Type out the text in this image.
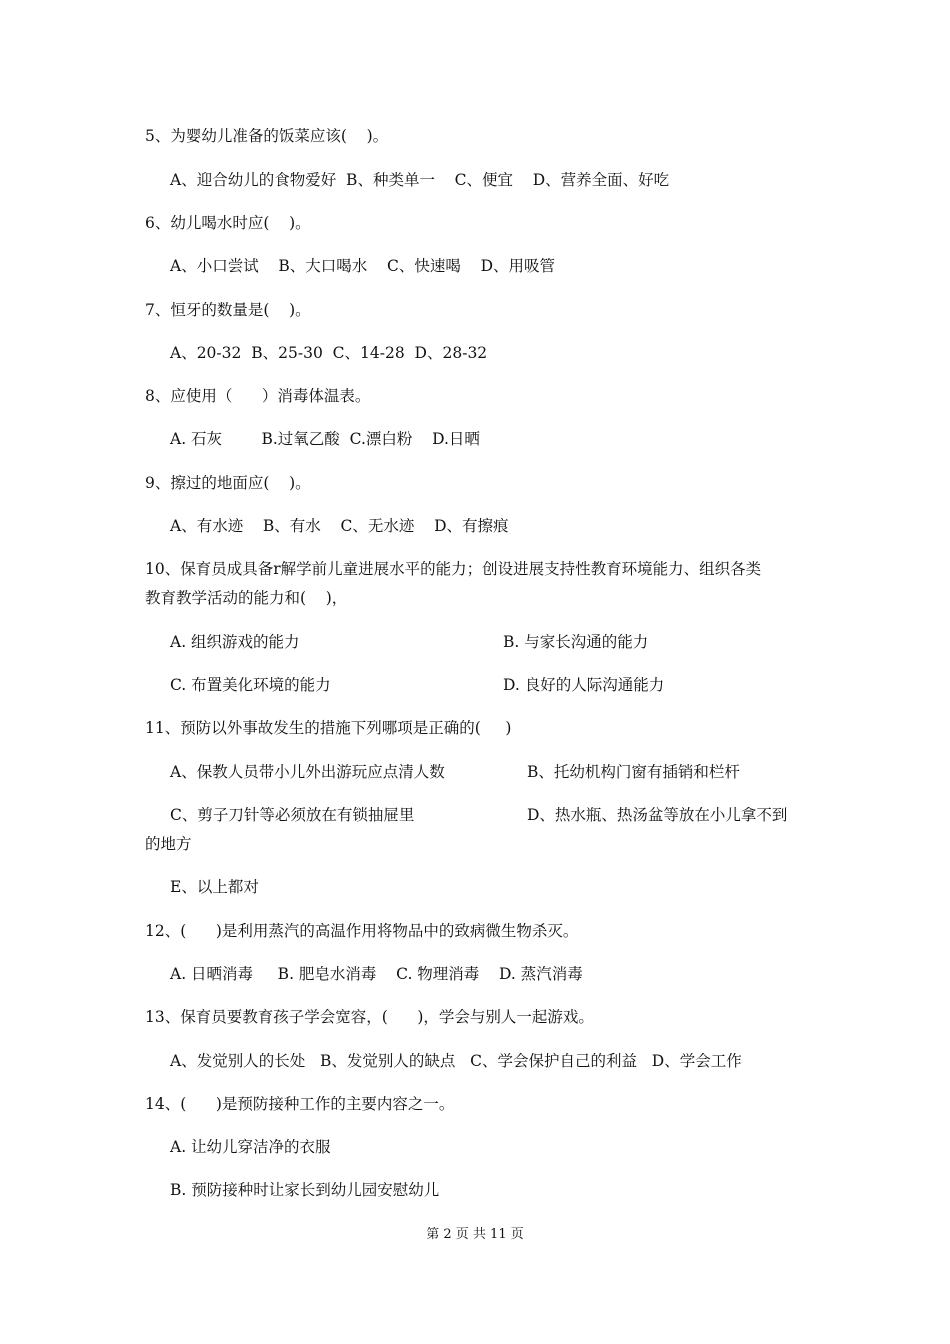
5、为婴幼儿准备的饭菜应该(    )。
A、迎合幼儿的食物爱好  B、种类单一    C、便宜    D、营养全面、好吃
6、幼儿喝水时应(    )。
A、小口尝试    B、大口喝水    C、快速喝    D、用吸管
7、恒牙的数量是(    )。
A、20-32  B、25-30  C、14-28  D、28-32
8、应使用（      ）消毒体温表。
A. 石灰        B.过氧乙酸  C.漂白粉    D.日晒
9、擦过的地面应(    )。
A、有水迹    B、有水    C、无水迹    D、有擦痕
10、保育员成具备r解学前儿童进展水平的能力；创设进展支持性教育环境能力、组织各类
教育教学活动的能力和(    )，
A. 组织游戏的能力	B. 与家长沟通的能力
C. 布置美化环境的能力	D. 良好的人际沟通能力
11、预防以外事故发生的措施下列哪项是正确的(     )
A、保教人员带小儿外出游玩应点清人数	B、托幼机构门窗有插销和栏杆
C、剪子刀针等必须放在有锁抽屉里	D、热水瓶、热汤盆等放在小儿拿不到
的地方
E、以上都对
12、(      )是利用蒸汽的高温作用将物品中的致病微生物杀灭。
A. 日晒消毒     B. 肥皂水消毒    C. 物理消毒    D. 蒸汽消毒
13、保育员要教育孩子学会宽容，(      )，学会与别人一起游戏。
A、发觉别人的长处   B、发觉别人的缺点   C、学会保护自己的利益   D、学会工作
14、(      )是预防接种工作的主要内容之一。
A. 让幼儿穿洁净的衣服
B. 预防接种时让家长到幼儿园安慰幼儿
第 2 页 共 11 页
